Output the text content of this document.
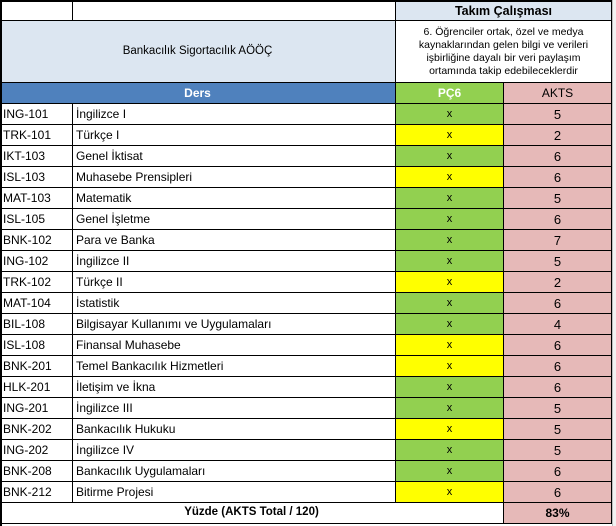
Takım Çalışması
Bankacılık Sigortacılık AÖÖÇ
6. Öğrenciler ortak, özel ve medya kaynaklarından gelen bilgi ve verileri işbirliğine dayalı bir veri paylaşım ortamında takip edebileceklerdir
Ders	PÇ6	AKTS
ING-101	İngilizce I	x	5
TRK-101	Türkçe I	x	2
IKT-103	Genel İktisat	x	6
ISL-103	Muhasebe Prensipleri	x	6
MAT-103	Matematik	x	5
ISL-105	Genel İşletme	x	6
BNK-102	Para ve Banka	x	7
ING-102	İngilizce II	x	5
TRK-102	Türkçe II	x	2
MAT-104	İstatistik	x	6
BIL-108	Bilgisayar Kullanımı ve Uygulamaları	x	4
ISL-108	Finansal Muhasebe	x	6
BNK-201	Temel Bankacılık Hizmetleri	x	6
HLK-201	İletişim ve İkna	x	6
ING-201	İngilizce III	x	5
BNK-202	Bankacılık Hukuku	x	5
ING-202	İngilizce IV	x	5
BNK-208	Bankacılık Uygulamaları	x	6
BNK-212	Bitirme Projesi	x	6
Yüzde (AKTS Total / 120)	83%
